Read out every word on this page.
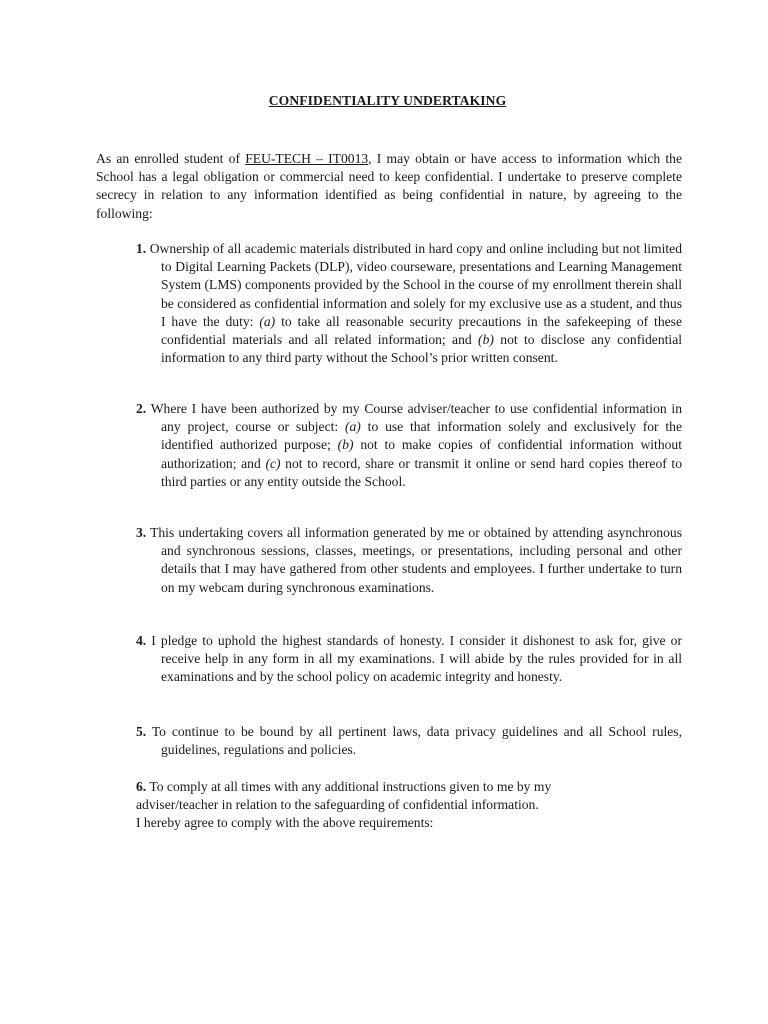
CONFIDENTIALITY UNDERTAKING

As an enrolled student of FEU-TECH – IT0013, I may obtain or have access to information which the School has a legal obligation or commercial need to keep confidential. I undertake to preserve complete secrecy in relation to any information identified as being confidential in nature, by agreeing to the following:

1. Ownership of all academic materials distributed in hard copy and online including but not limited to Digital Learning Packets (DLP), video courseware, presentations and Learning Management System (LMS) components provided by the School in the course of my enrollment therein shall be considered as confidential information and solely for my exclusive use as a student, and thus I have the duty: (a) to take all reasonable security precautions in the safekeeping of these confidential materials and all related information; and (b) not to disclose any confidential information to any third party without the School’s prior written consent.

2. Where I have been authorized by my Course adviser/teacher to use confidential information in any project, course or subject: (a) to use that information solely and exclusively for the identified authorized purpose; (b) not to make copies of confidential information without authorization; and (c) not to record, share or transmit it online or send hard copies thereof to third parties or any entity outside the School.

3. This undertaking covers all information generated by me or obtained by attending asynchronous and synchronous sessions, classes, meetings, or presentations, including personal and other details that I may have gathered from other students and employees. I further undertake to turn on my webcam during synchronous examinations.

4. I pledge to uphold the highest standards of honesty. I consider it dishonest to ask for, give or receive help in any form in all my examinations. I will abide by the rules provided for in all examinations and by the school policy on academic integrity and honesty.

5. To continue to be bound by all pertinent laws, data privacy guidelines and all School rules, guidelines, regulations and policies.

6. To comply at all times with any additional instructions given to me by my
adviser/teacher in relation to the safeguarding of confidential information.
I hereby agree to comply with the above requirements:
